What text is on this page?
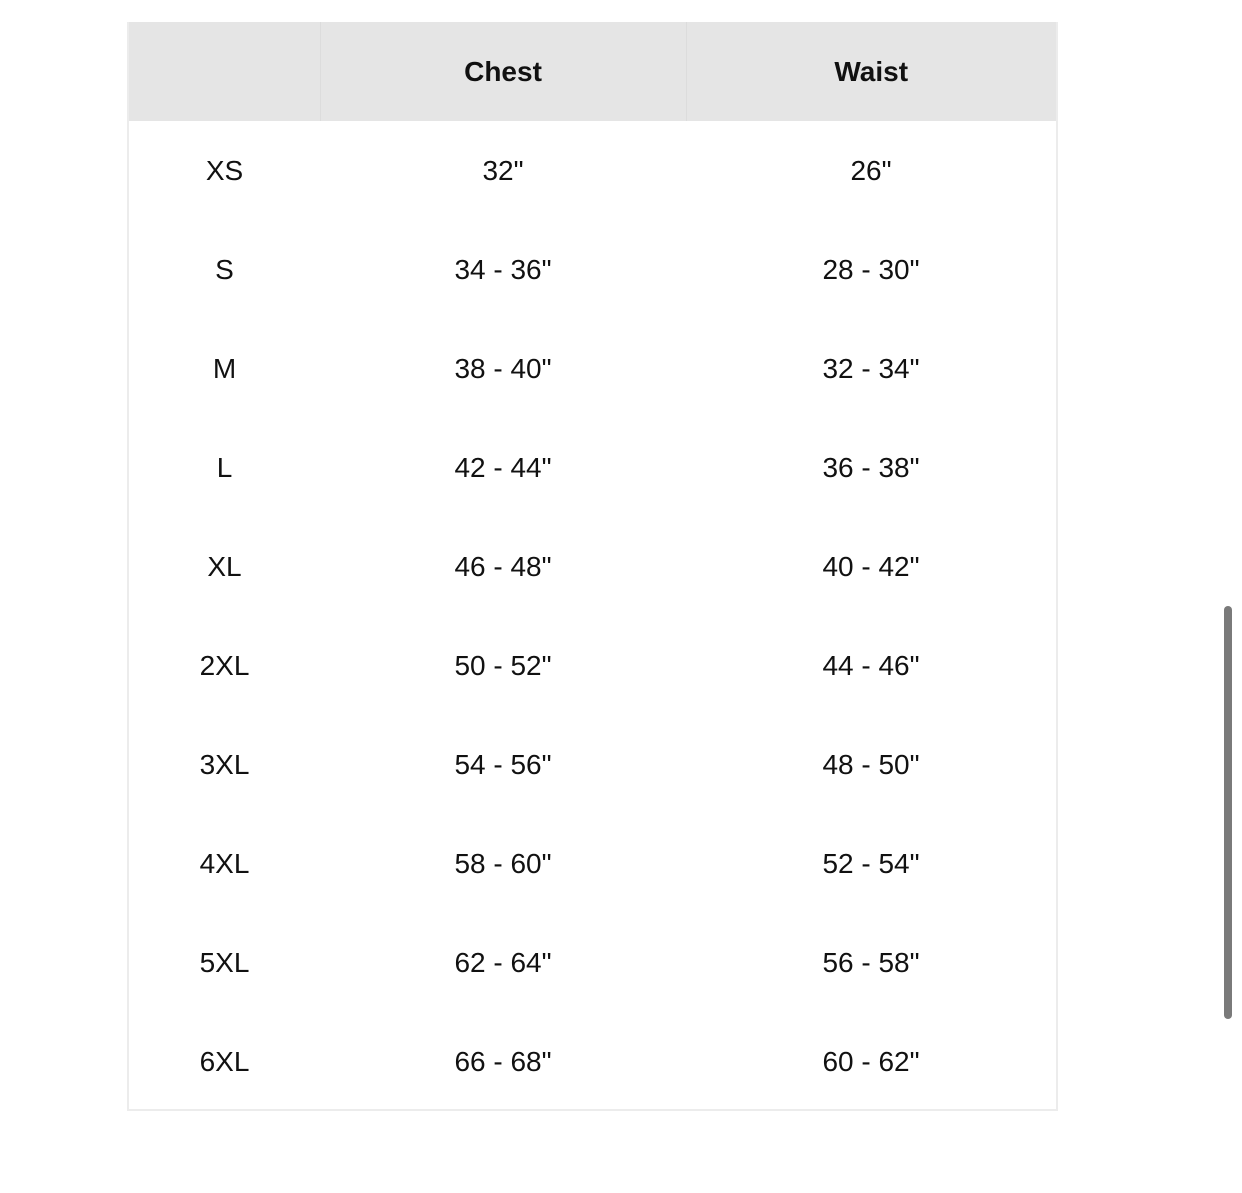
	Chest	Waist
XS	32"	26"
S	34 - 36"	28 - 30"
M	38 - 40"	32 - 34"
L	42 - 44"	36 - 38"
XL	46 - 48"	40 - 42"
2XL	50 - 52"	44 - 46"
3XL	54 - 56"	48 - 50"
4XL	58 - 60"	52 - 54"
5XL	62 - 64"	56 - 58"
6XL	66 - 68"	60 - 62"
